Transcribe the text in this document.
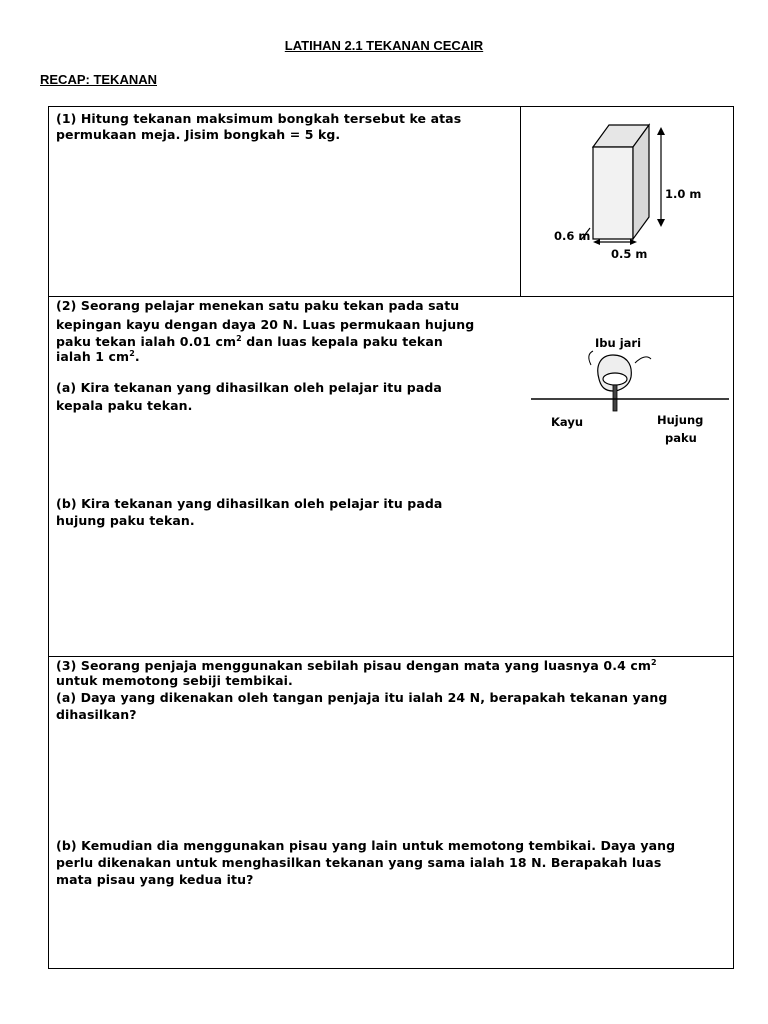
LATIHAN 2.1 TEKANAN CECAIR
RECAP: TEKANAN
(1) Hitung tekanan maksimum bongkah tersebut ke atas
permukaan meja. Jisim bongkah = 5 kg.
1.0 m
0.6 m
0.5 m
(2) Seorang pelajar menekan satu paku tekan pada satu
kepingan kayu dengan daya 20 N. Luas permukaan hujung
paku tekan ialah 0.01 $cm^2$ dan luas kepala paku tekan
ialah 1 $cm^2$.
(a) Kira tekanan yang dihasilkan oleh pelajar itu pada
kepala paku tekan.
(b) Kira tekanan yang dihasilkan oleh pelajar itu pada
hujung paku tekan.
Ibu jari
Kayu	Hujung
paku
(3) Seorang penjaja menggunakan sebilah pisau dengan mata yang luasnya 0.4 $cm^2$
untuk memotong sebiji tembikai.
(a) Daya yang dikenakan oleh tangan penjaja itu ialah 24 N, berapakah tekanan yang
dihasilkan?
(b) Kemudian dia menggunakan pisau yang lain untuk memotong tembikai. Daya yang
perlu dikenakan untuk menghasilkan tekanan yang sama ialah 18 N. Berapakah luas
mata pisau yang kedua itu?
